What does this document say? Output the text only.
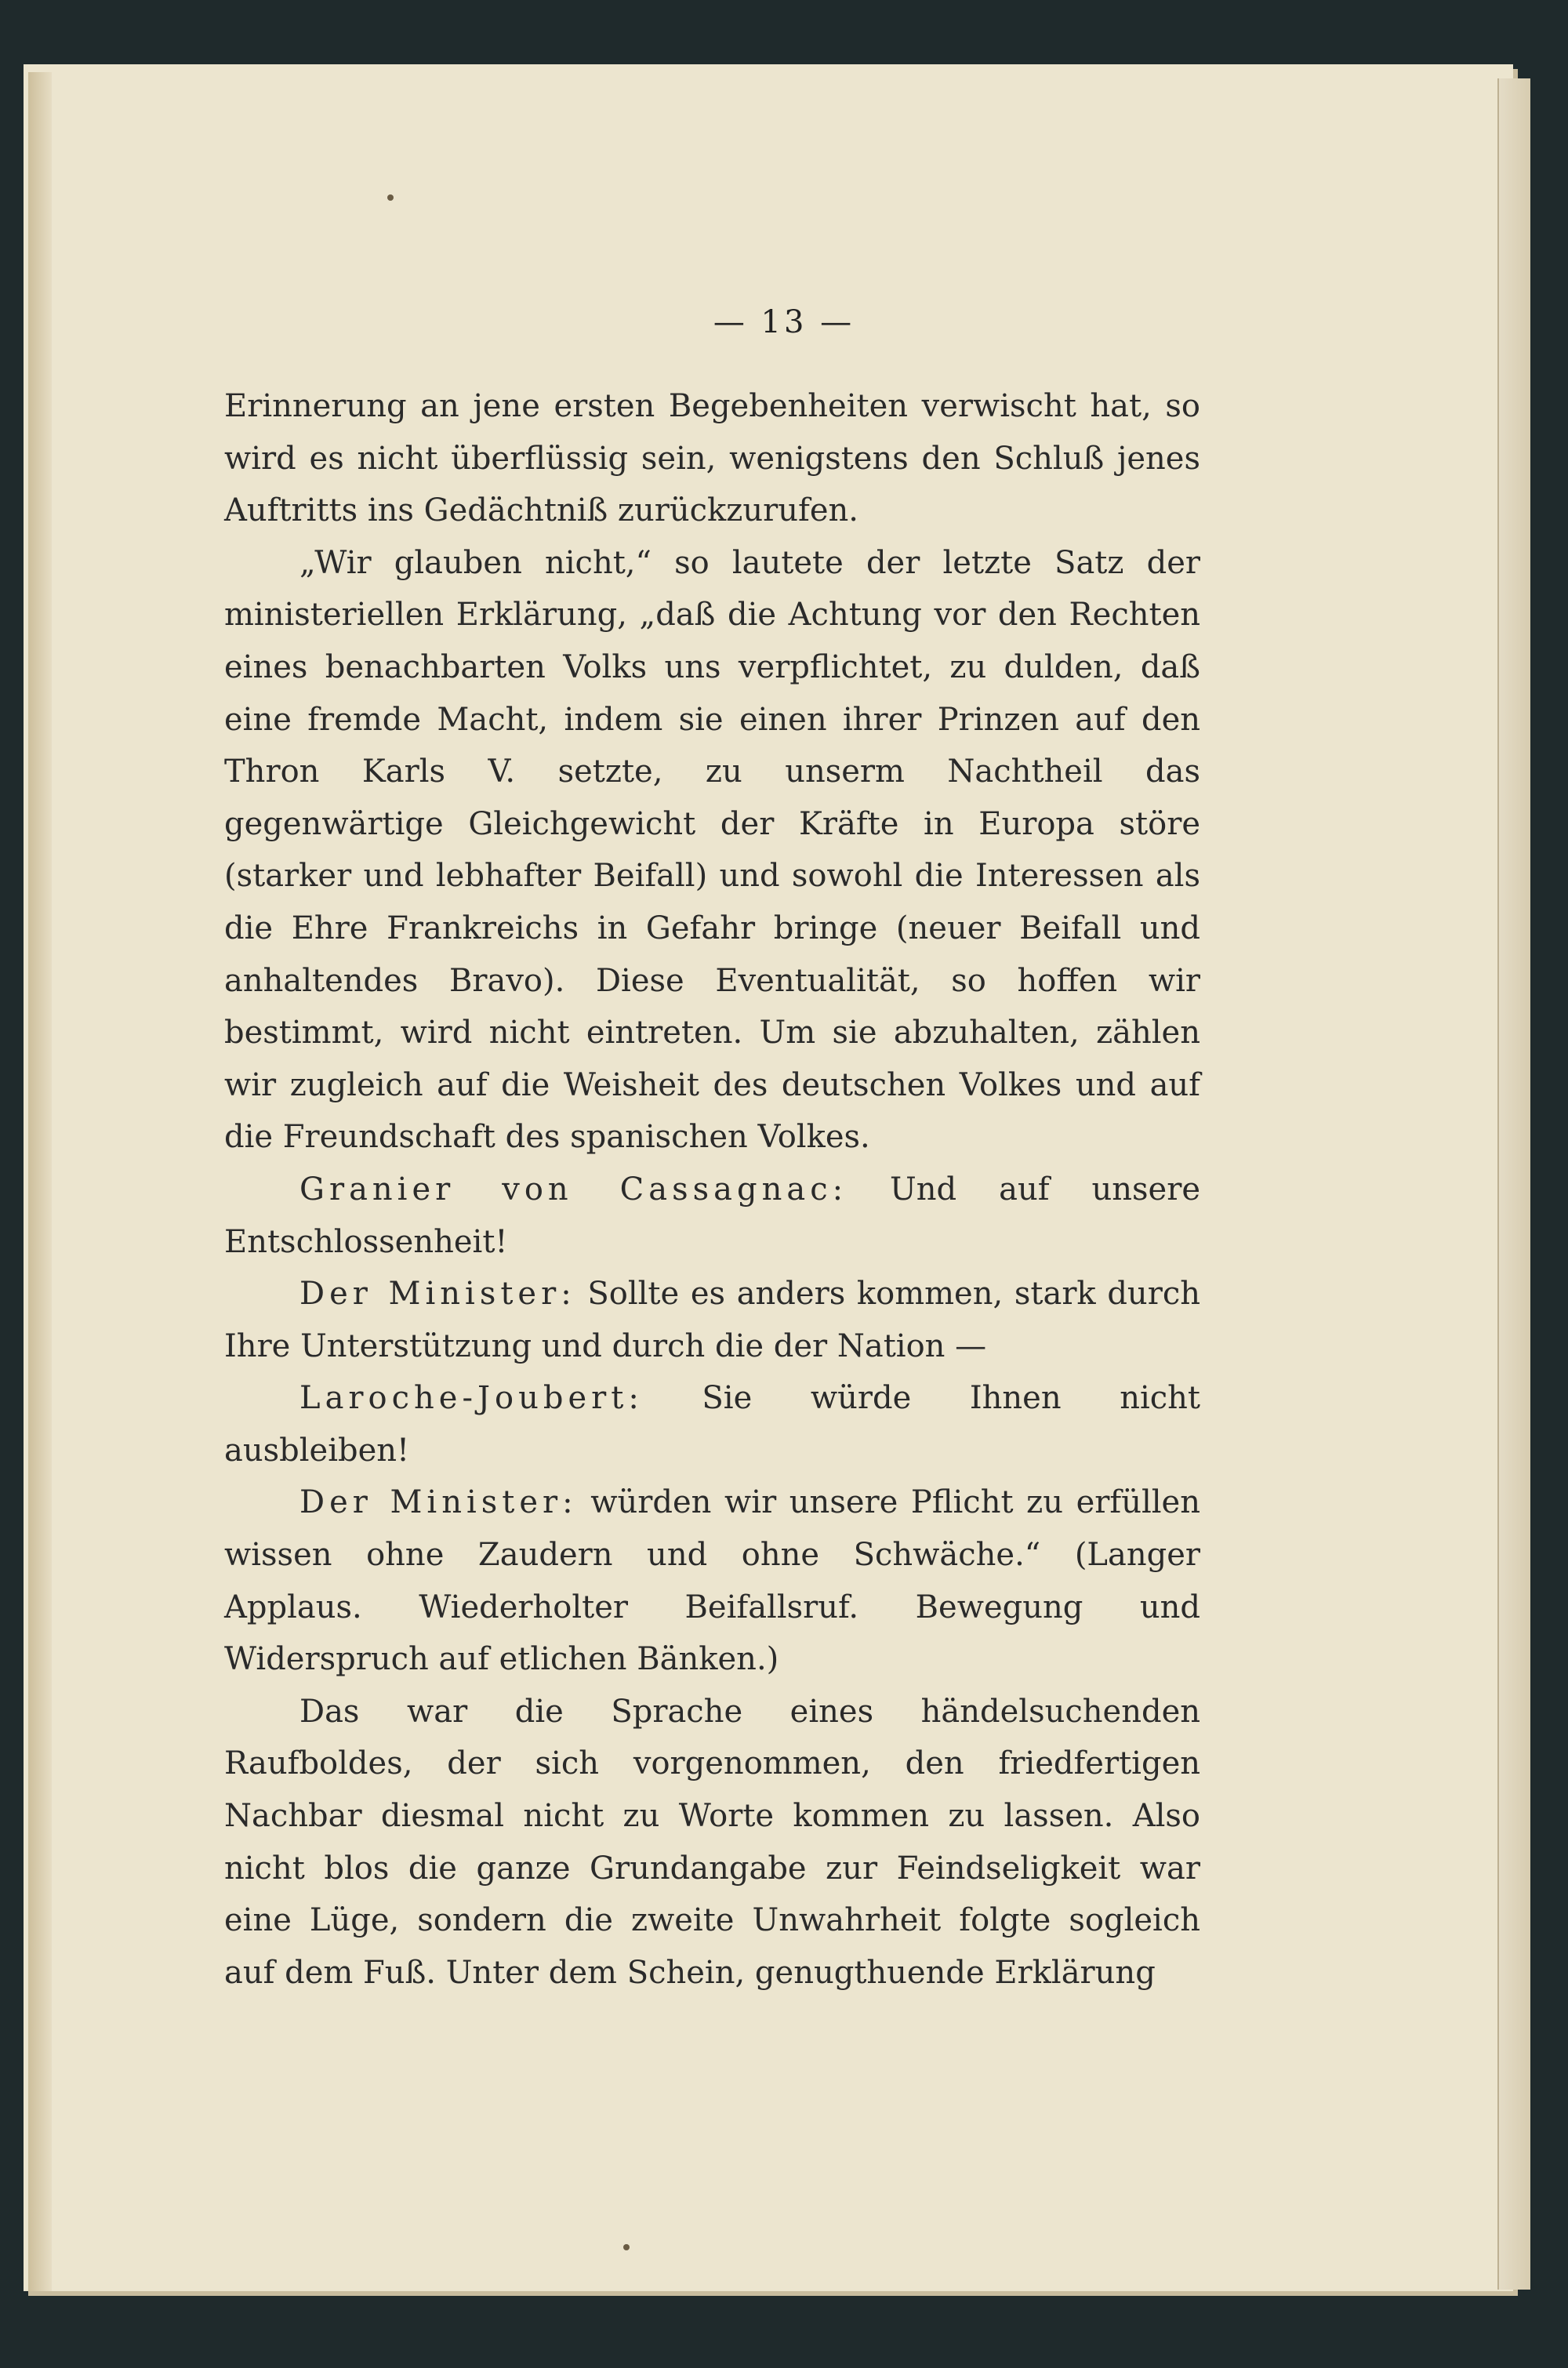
— 13 —

Erinnerung an jene ersten Begebenheiten verwischt hat, so wird es nicht überflüssig sein, wenigstens den Schluß jenes Auftritts ins Gedächtniß zurückzurufen.

„Wir glauben nicht,“ so lautete der letzte Satz der ministeriellen Erklärung, „daß die Achtung vor den Rechten eines benachbarten Volks uns verpflichtet, zu dulden, daß eine fremde Macht, indem sie einen ihrer Prinzen auf den Thron Karls V. setzte, zu unserm Nachtheil das gegenwärtige Gleichgewicht der Kräfte in Europa störe (starker und lebhafter Beifall) und sowohl die Interessen als die Ehre Frankreichs in Gefahr bringe (neuer Beifall und anhaltendes Bravo). Diese Eventualität, so hoffen wir bestimmt, wird nicht eintreten. Um sie abzuhalten, zählen wir zugleich auf die Weisheit des deutschen Volkes und auf die Freundschaft des spanischen Volkes.

Granier von Cassagnac: Und auf unsere Entschlossenheit!

Der Minister: Sollte es anders kommen, stark durch Ihre Unterstützung und durch die der Nation —

Laroche-Joubert: Sie würde Ihnen nicht ausbleiben!

Der Minister: würden wir unsere Pflicht zu erfüllen wissen ohne Zaudern und ohne Schwäche.“ (Langer Applaus. Wiederholter Beifallsruf. Bewegung und Widerspruch auf etlichen Bänken.)

Das war die Sprache eines händelsuchenden Raufboldes, der sich vorgenommen, den friedfertigen Nachbar diesmal nicht zu Worte kommen zu lassen. Also nicht blos die ganze Grundangabe zur Feindseligkeit war eine Lüge, sondern die zweite Unwahrheit folgte sogleich auf dem Fuß. Unter dem Schein, genugthuende Erklärung
